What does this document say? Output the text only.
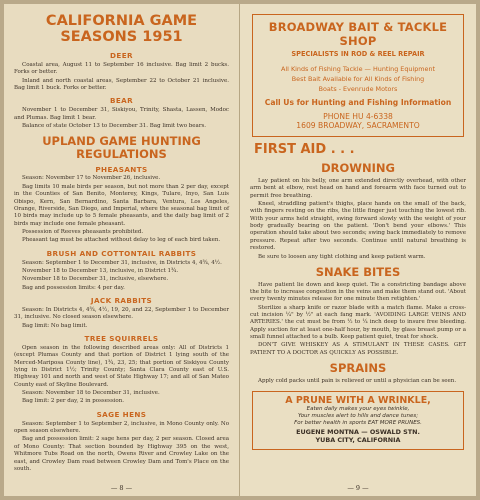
CALIFORNIA GAME SEASONS 1951
DEER

Coastal area, August 11 to September 16 inclusive. Bag limit 2 bucks. Forks or better.

Inland and north coastal areas, September 22 to October 21 inclusive. Bag limit 1 buck. Forks or better.

BEAR

November 1 to December 31, Siskiyou, Trinity, Shasta, Lassen, Modoc and Plumas. Bag limit 1 bear.

Balance of state October 13 to December 31. Bag limit two bears.

UPLAND GAME HUNTING REGULATIONS
PHEASANTS

Season: November 17 to November 26, inclusive.

Bag limits 10 male birds per season, but not more than 2 per day, except in the Counties of San Benito, Monterey, Kings, Tulare, Inyo, San Luis Obispo, Kern, San Bernardino, Santa Barbara, Ventura, Los Angeles, Orange, Riverside, San Diego, and Imperial, where the seasonal bag limit of 10 birds may include up to 5 female pheasants, and the daily bag limit of 2 birds may include one female pheasant.

Possession of Reeves pheasants prohibited.

Pheasant tag must be attached without delay to leg of each bird taken.

BRUSH AND COTTONTAIL RABBITS

Season: September 1 to December 31, inclusive, in Districts 4, 4¾, 4½.

November 18 to December 13, inclusive, in District 1¾.

November 18 to December 31, inclusive, elsewhere.

Bag and possession limits: 4 per day.

JACK RABBITS

Season: In Districts 4, 4¾, 4½, 19, 20, and 22, September 1 to December 31, inclusive. No closed season elsewhere.

Bag limit: No bag limit.

TREE SQUIRRELS

Open season in the following described areas only: All of Districts 1 (except Plumas County and that portion of District 1 lying south of the Merced-Mariposa County line), 1¾, 23, 25; that portion of Siskiyou County lying in District 1½; Trinity County; Santa Clara County east of U.S. Highway 101 and north and west of State Highway 17; and all of San Mateo County east of Skyline Boulevard.

Season: November 18 to December 31, inclusive.

Bag limit: 2 per day, 2 in possession.

SAGE HENS

Season: September 1 to September 2, inclusive, in Mono County only. No open season elsewhere.

Bag and possession limit: 2 sage hens per day, 2 per season. Closed area of Mono County: That section bounded by Highway 395 on the west, Whitmore Tubs Road on the north, Owens River and Crowley Lake on the east, and Crowley Dam road between Crowley Dam and Tom's Place on the south.

— 8 —
BROADWAY BAIT & TACKLE SHOP
SPECIALISTS IN ROD & REEL REPAIR
All Kinds of Fishing Tackle — Hunting Equipment
Best Bait Available for All Kinds of Fishing
Boats - Evenrude Motors
Call Us for Hunting and Fishing Information
PHONE HU 4-6338
1609 BROADWAY, SACRAMENTO
FIRST AID . . .
DROWNING

Lay patient on his belly, one arm extended directly overhead, with other arm bent at elbow, rest head on hand and forearm with face turned out to permit free breathing.

Kneel, straddling patient's thighs, place hands on the small of the back, with fingers resting on the ribs, the little finger just touching the lowest rib. With your arms held straight, swing forward slowly with the weight of your body gradually bearing on the patient. 'Don't bend your elbows.' This operation should take about two seconds; swing back immediately to remove pressure. Repeat after two seconds. Continue until natural breathing is restored.

Be sure to loosen any tight clothing and keep patient warm.

SNAKE BITES

Have patient lie down and keep quiet. Tie a constricting bandage above the bite to increase congestion in the veins and make them stand out. 'About every twenty minutes release for one minute then retighten.'

Sterilize a sharp knife or razor blade with a match flame. Make a cross-cut incision ¼" by ½" at each fang mark. 'AVOIDING LARGE VEINS AND ARTERIES.' the cut must be from ½ to ¼ inch deep to insure free bleeding. Apply suction for at least one-half hour, by mouth, by glass breast pump or a small funnel attached to a bulb. Keep patient quiet, treat for shock.

DON'T GIVE WHISKEY AS A STIMULANT IN THESE CASES. GET PATIENT TO A DOCTOR AS QUICKLY AS POSSIBLE.

SPRAINS

Apply cold packs until pain is relieved or until a physician can be seen.

A PRUNE WITH A WRINKLE,
Eaten daily makes your eyes twinkle,
Your muscles alert to hills and dance tunes;
For better health in sports EAT MORE PRUNES.
EUGENE MONTNA — OSWALD STN.
YUBA CITY, CALIFORNIA
— 9 —
